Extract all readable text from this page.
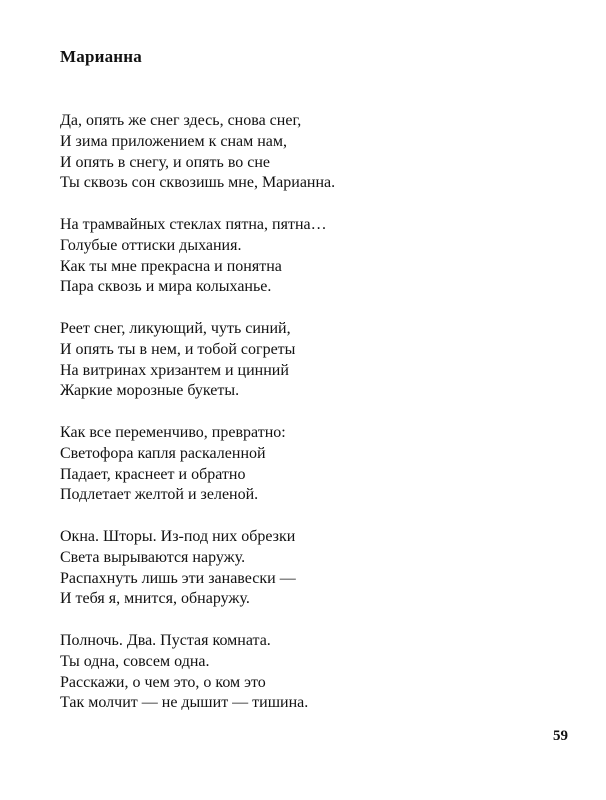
Марианна
Да, опять же снег здесь, снова снег,
И зима приложением к снам нам,
И опять в снегу, и опять во сне
Ты сквозь сон сквозишь мне, Марианна.
На трамвайных стеклах пятна, пятна…
Голубые оттиски дыхания.
Как ты мне прекрасна и понятна
Пара сквозь и мира колыханье.
Реет снег, ликующий, чуть синий,
И опять ты в нем, и тобой согреты
На витринах хризантем и цинний
Жаркие морозные букеты.
Как все переменчиво, превратно:
Светофора капля раскаленной
Падает, краснеет и обратно
Подлетает желтой и зеленой.
Окна. Шторы. Из-под них обрезки
Света вырываются наружу.
Распахнуть лишь эти занавески —
И тебя я, мнится, обнаружу.
Полночь. Два. Пустая комната.
Ты одна, совсем одна.
Расскажи, о чем это, о ком это
Так молчит — не дышит — тишина.
59
